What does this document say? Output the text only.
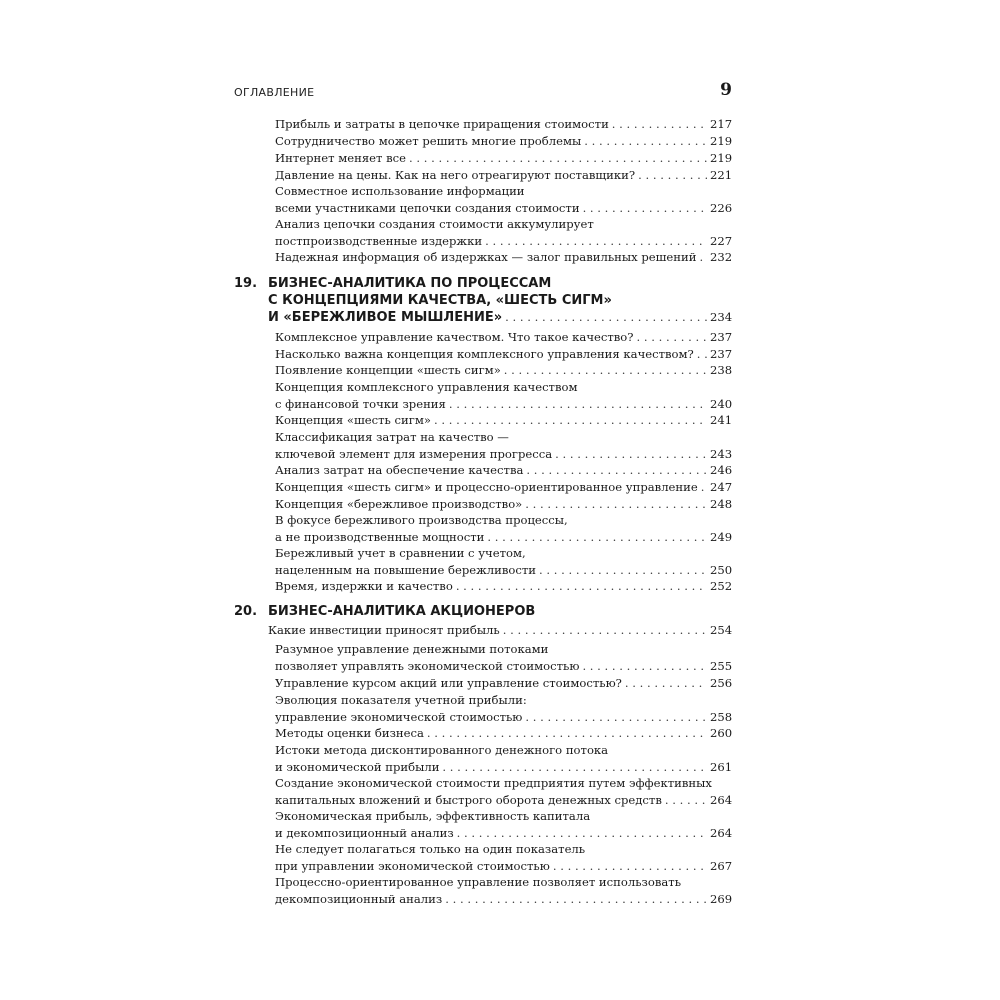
ОГЛАВЛЕНИЕ	9
Прибыль и затраты в цепочке приращения стоимости . . .	217
Сотрудничество может решить многие проблемы . . .	219
Интернет меняет все . . .	219
Давление на цены. Как на него отреагируют поставщики? . . .	221
Совместное использование информации
всеми участниками цепочки создания стоимости . . .	226
Анализ цепочки создания стоимости аккумулирует
постпроизводственные издержки . . .	227
Надежная информация об издержках — залог правильных решений . . . 232
19. БИЗНЕС-АНАЛИТИКА ПО ПРОЦЕССАМ
С КОНЦЕПЦИЯМИ КАЧЕСТВА, «ШЕСТЬ СИГМ»
И «БЕРЕЖЛИВОЕ МЫШЛЕНИЕ» . . .	234
Комплексное управление качеством. Что такое качество? . . .	237
Насколько важна концепция комплексного управления качеством? . . . 237
Появление концепции «шесть сигм» . . .	238
Концепция комплексного управления качеством
с финансовой точки зрения . . .	240
Концепция «шесть сигм» . . .	241
Классификация затрат на качество —
ключевой элемент для измерения прогресса . . .	243
Анализ затрат на обеспечение качества . . .	246
Концепция «шесть сигм» и процессно-ориентированное управление . . . 247
Концепция «бережливое производство» . . .	248
В фокусе бережливого производства процессы,
а не производственные мощности . . .	249
Бережливый учет в сравнении с учетом,
нацеленным на повышение бережливости . . .	250
Время, издержки и качество . . .	252
20. БИЗНЕС-АНАЛИТИКА АКЦИОНЕРОВ
Какие инвестиции приносят прибыль . . .	254
Разумное управление денежными потоками
позволяет управлять экономической стоимостью . . .	255
Управление курсом акций или управление стоимостью? . . .	256
Эволюция показателя учетной прибыли:
управление экономической стоимостью . . .	258
Методы оценки бизнеса . . .	260
Истоки метода дисконтированного денежного потока
и экономической прибыли . . .	261
Создание экономической стоимости предприятия путем эффективных
капитальных вложений и быстрого оборота денежных средств . . .	264
Экономическая прибыль, эффективность капитала
и декомпозиционный анализ . . .	264
Не следует полагаться только на один показатель
при управлении экономической стоимостью . . .	267
Процессно-ориентированное управление позволяет использовать
декомпозиционный анализ . . .	269
